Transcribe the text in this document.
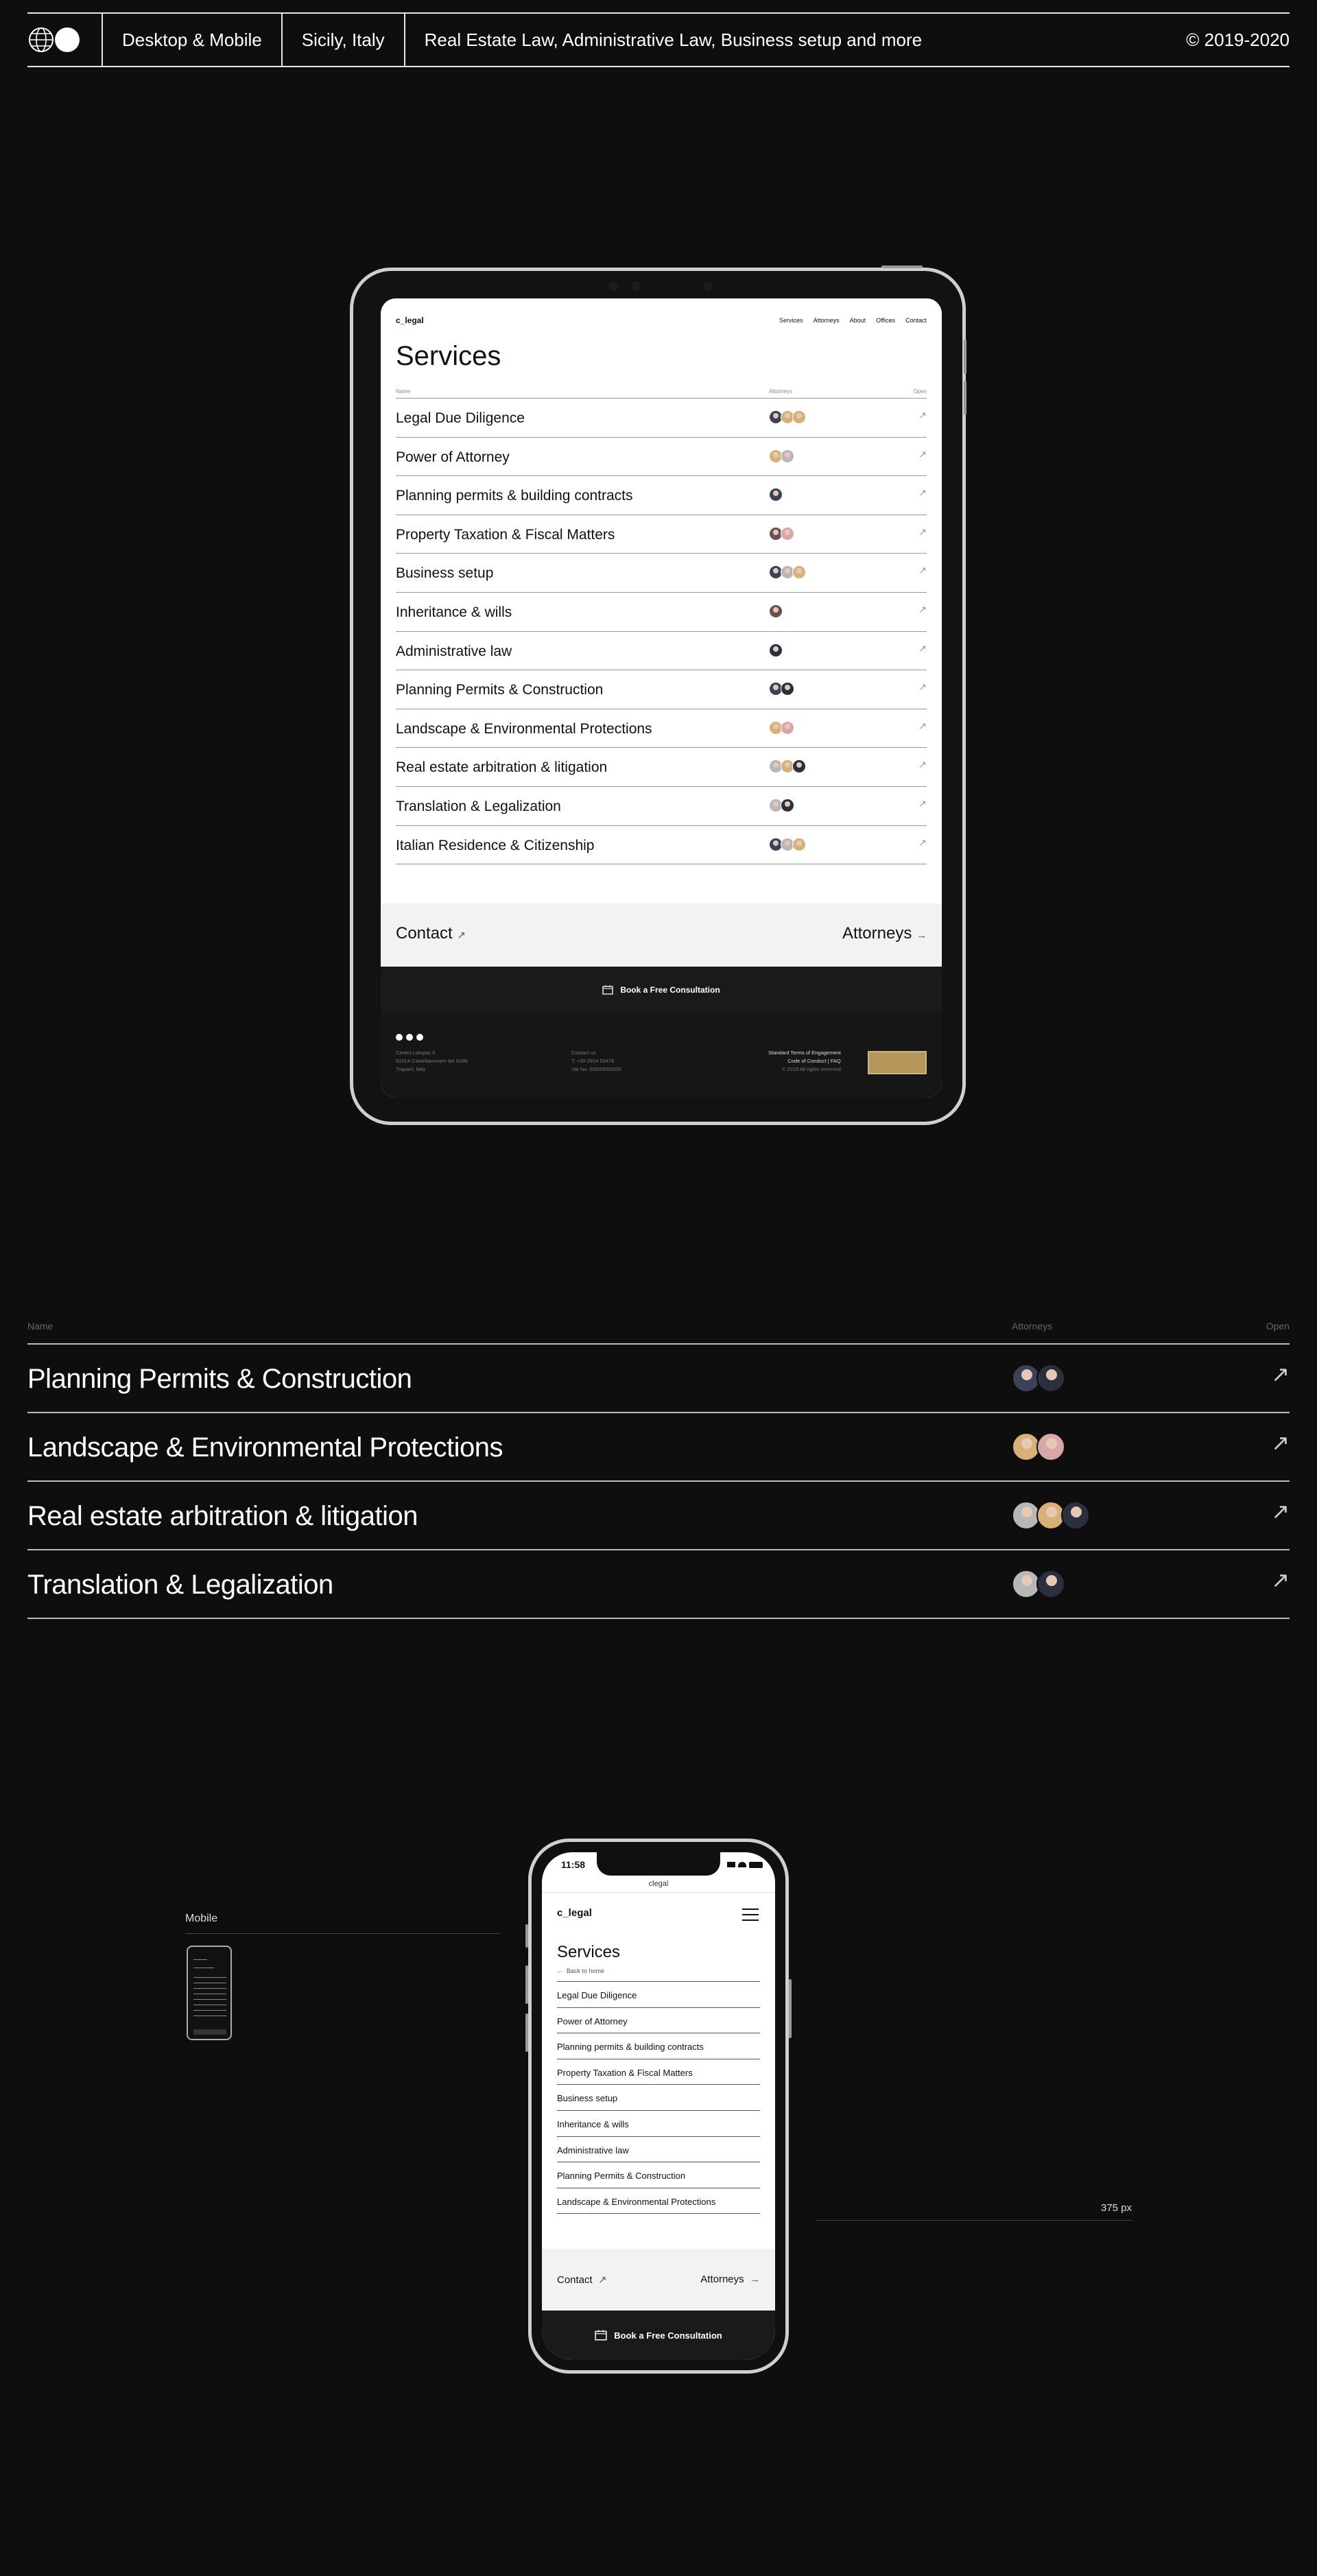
Desktop & Mobile	Sicily, Italy	Real Estate Law, Administrative Law, Business setup and more	© 2019-2020
c_legal	Services Attorneys About Offices Contact
Services
Name	Attorneys	Open
Legal Due Diligence	↗
Power of Attorney	↗
Planning permits & building contracts	↗
Property Taxation & Fiscal Matters	↗
Business setup	↗
Inheritance & wills	↗
Administrative law	↗
Planning Permits & Construction	↗
Landscape & Environmental Protections	↗
Real estate arbitration & litigation	↗
Translation & Legalization	↗
Italian Residence & Citizenship	↗
Contact ↗	Attorneys →
Book a Free Consultation
Centro Lotopac 6
91014 Castellammare del Golfo
Trapani, Italy
Contact us
T: +39 0924 53478
Vat No. 00000000000
Standard Terms of Engagement
Code of Conduct | FAQ
© 2019 All rights reserved
Name	Attorneys	Open
Planning Permits & Construction	↗
Landscape & Environmental Protections	↗
Real estate arbitration & litigation	↗
Translation & Legalization	↗
Mobile
11:58
clegal
c_legal
Services
← Back to home
Legal Due Diligence
Power of Attorney
Planning permits & building contracts
Property Taxation & Fiscal Matters
Business setup
Inheritance & wills
Administrative law
Planning Permits & Construction
Landscape & Environmental Protections
Contact ↗	Attorneys →
Book a Free Consultation
375 px
